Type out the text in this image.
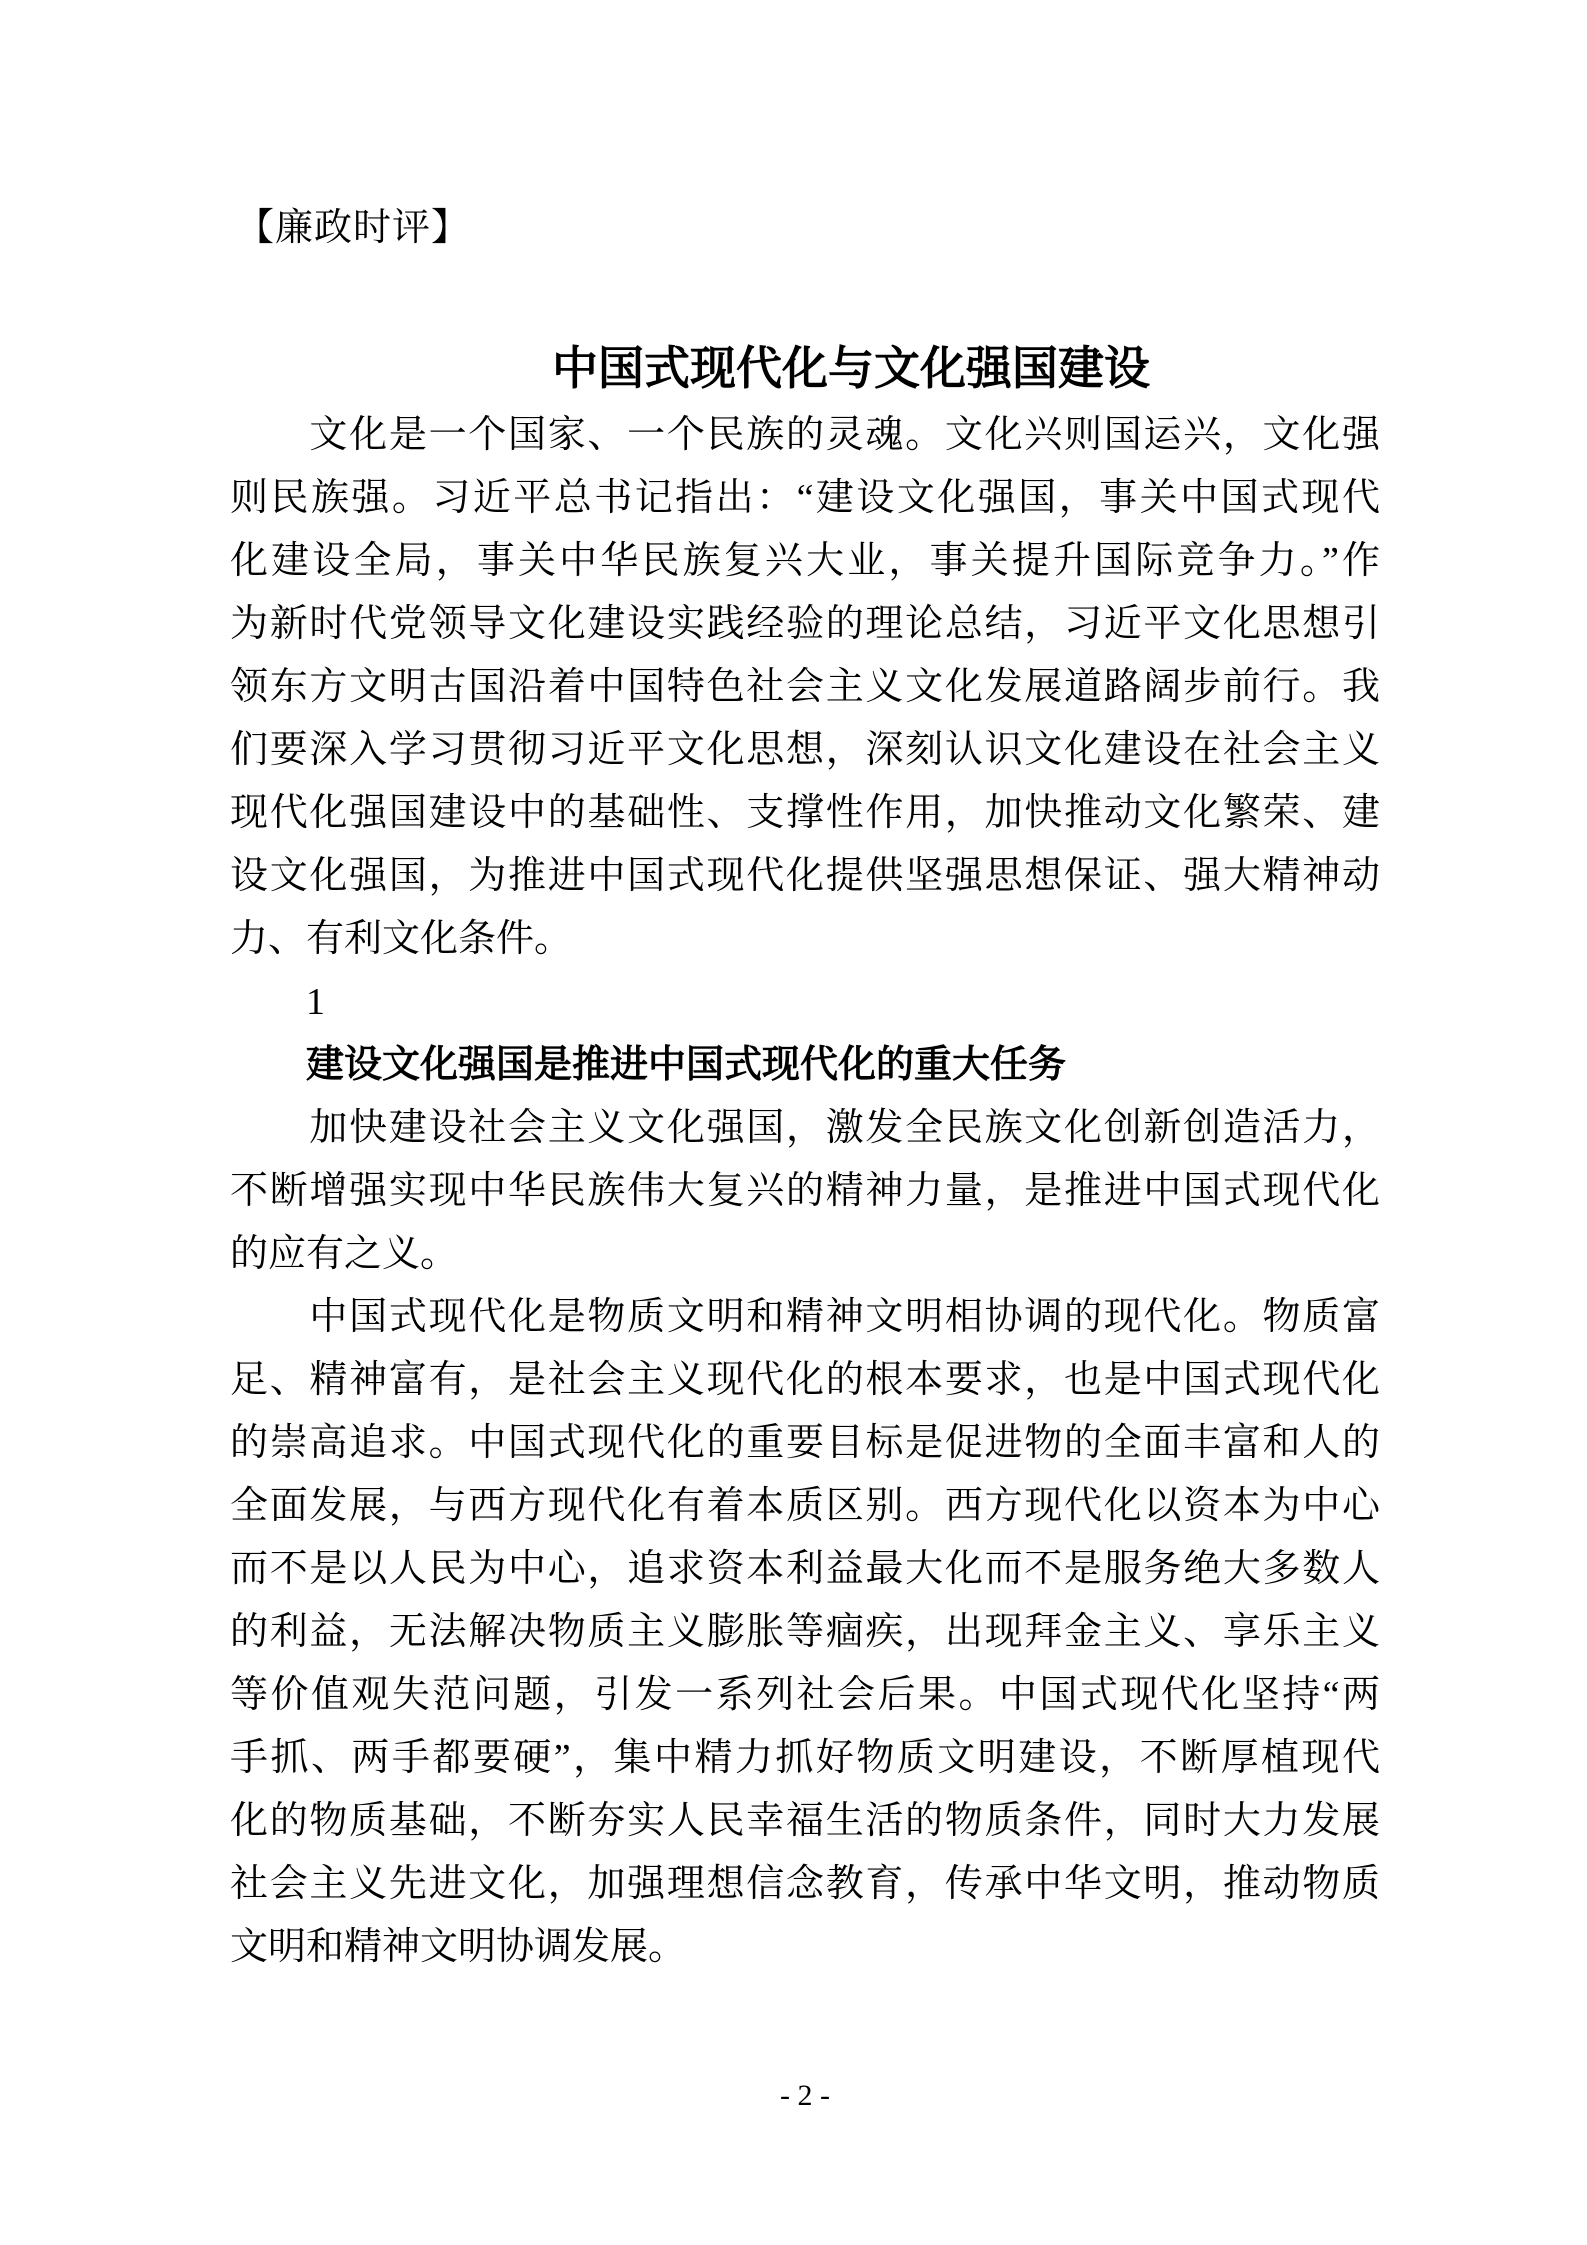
【廉政时评】
中国式现代化与文化强国建设
　　文化是一个国家、一个民族的灵魂。文化兴则国运兴，文化强
则民族强。习近平总书记指出：“建设文化强国，事关中国式现代
化建设全局，事关中华民族复兴大业，事关提升国际竞争力。”作
为新时代党领导文化建设实践经验的理论总结，习近平文化思想引
领东方文明古国沿着中国特色社会主义文化发展道路阔步前行。我
们要深入学习贯彻习近平文化思想，深刻认识文化建设在社会主义
现代化强国建设中的基础性、支撑性作用，加快推动文化繁荣、建
设文化强国，为推进中国式现代化提供坚强思想保证、强大精神动
力、有利文化条件。
　　1
　　建设文化强国是推进中国式现代化的重大任务
　　加快建设社会主义文化强国，激发全民族文化创新创造活力，
不断增强实现中华民族伟大复兴的精神力量，是推进中国式现代化
的应有之义。
　　中国式现代化是物质文明和精神文明相协调的现代化。物质富
足、精神富有，是社会主义现代化的根本要求，也是中国式现代化
的崇高追求。中国式现代化的重要目标是促进物的全面丰富和人的
全面发展，与西方现代化有着本质区别。西方现代化以资本为中心
而不是以人民为中心，追求资本利益最大化而不是服务绝大多数人
的利益，无法解决物质主义膨胀等痼疾，出现拜金主义、享乐主义
等价值观失范问题，引发一系列社会后果。中国式现代化坚持“两
手抓、两手都要硬”，集中精力抓好物质文明建设，不断厚植现代
化的物质基础，不断夯实人民幸福生活的物质条件，同时大力发展
社会主义先进文化，加强理想信念教育，传承中华文明，推动物质
文明和精神文明协调发展。
- 2 -
